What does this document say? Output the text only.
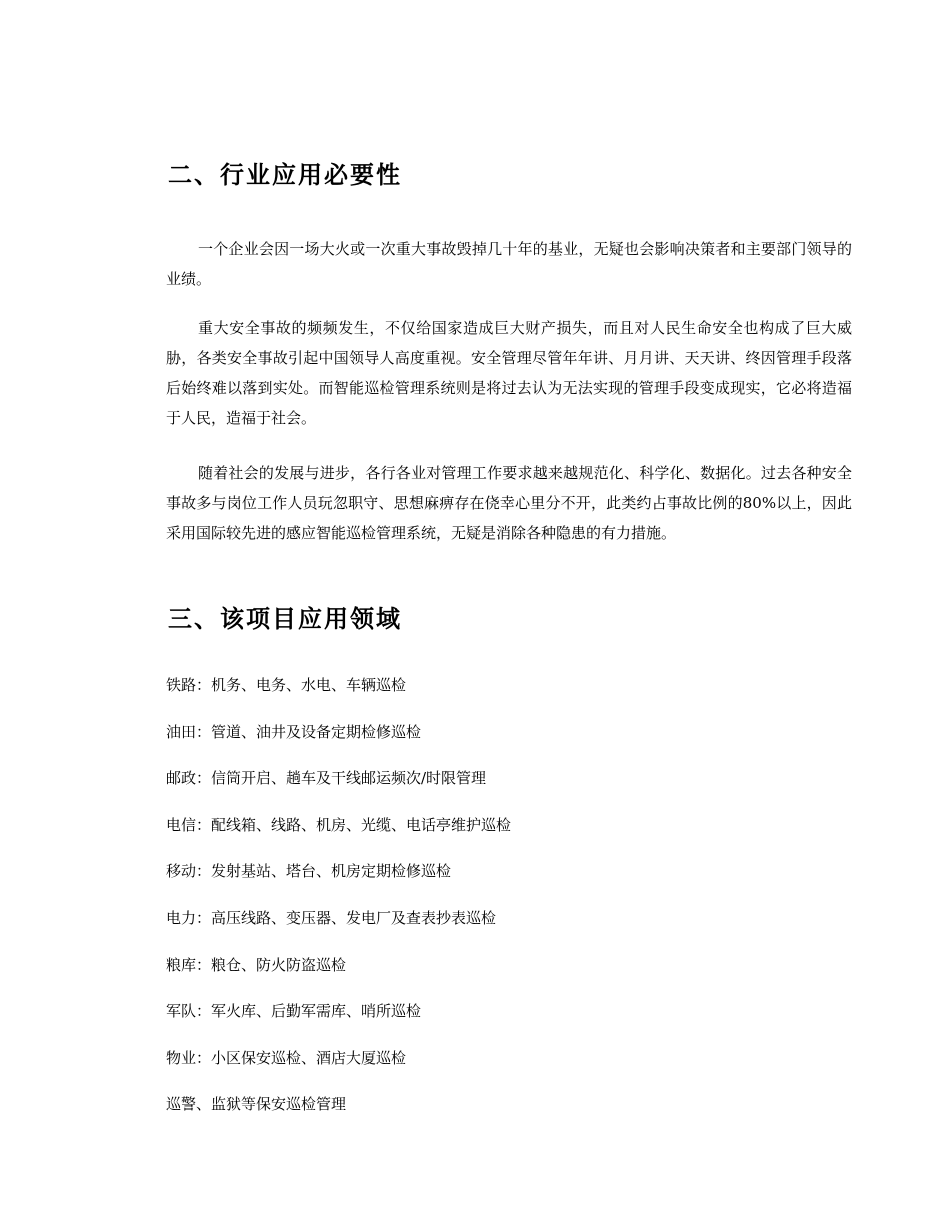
二、行业应用必要性

一个企业会因一场大火或一次重大事故毁掉几十年的基业，无疑也会影响决策者和主要部门领导的业绩。

重大安全事故的频频发生，不仅给国家造成巨大财产损失，而且对人民生命安全也构成了巨大威胁，各类安全事故引起中国领导人高度重视。安全管理尽管年年讲、月月讲、天天讲、终因管理手段落后始终难以落到实处。而智能巡检管理系统则是将过去认为无法实现的管理手段变成现实，它必将造福于人民，造福于社会。

随着社会的发展与进步，各行各业对管理工作要求越来越规范化、科学化、数据化。过去各种安全事故多与岗位工作人员玩忽职守、思想麻痹存在侥幸心里分不开，此类约占事故比例的80%以上，因此采用国际较先进的感应智能巡检管理系统，无疑是消除各种隐患的有力措施。

三、该项目应用领域
铁路：机务、电务、水电、车辆巡检
油田：管道、油井及设备定期检修巡检
邮政：信筒开启、趟车及干线邮运频次/时限管理
电信：配线箱、线路、机房、光缆、电话亭维护巡检
移动：发射基站、塔台、机房定期检修巡检
电力：高压线路、变压器、发电厂及查表抄表巡检
粮库：粮仓、防火防盗巡检
军队：军火库、后勤军需库、哨所巡检
物业：小区保安巡检、酒店大厦巡检
巡警、监狱等保安巡检管理
